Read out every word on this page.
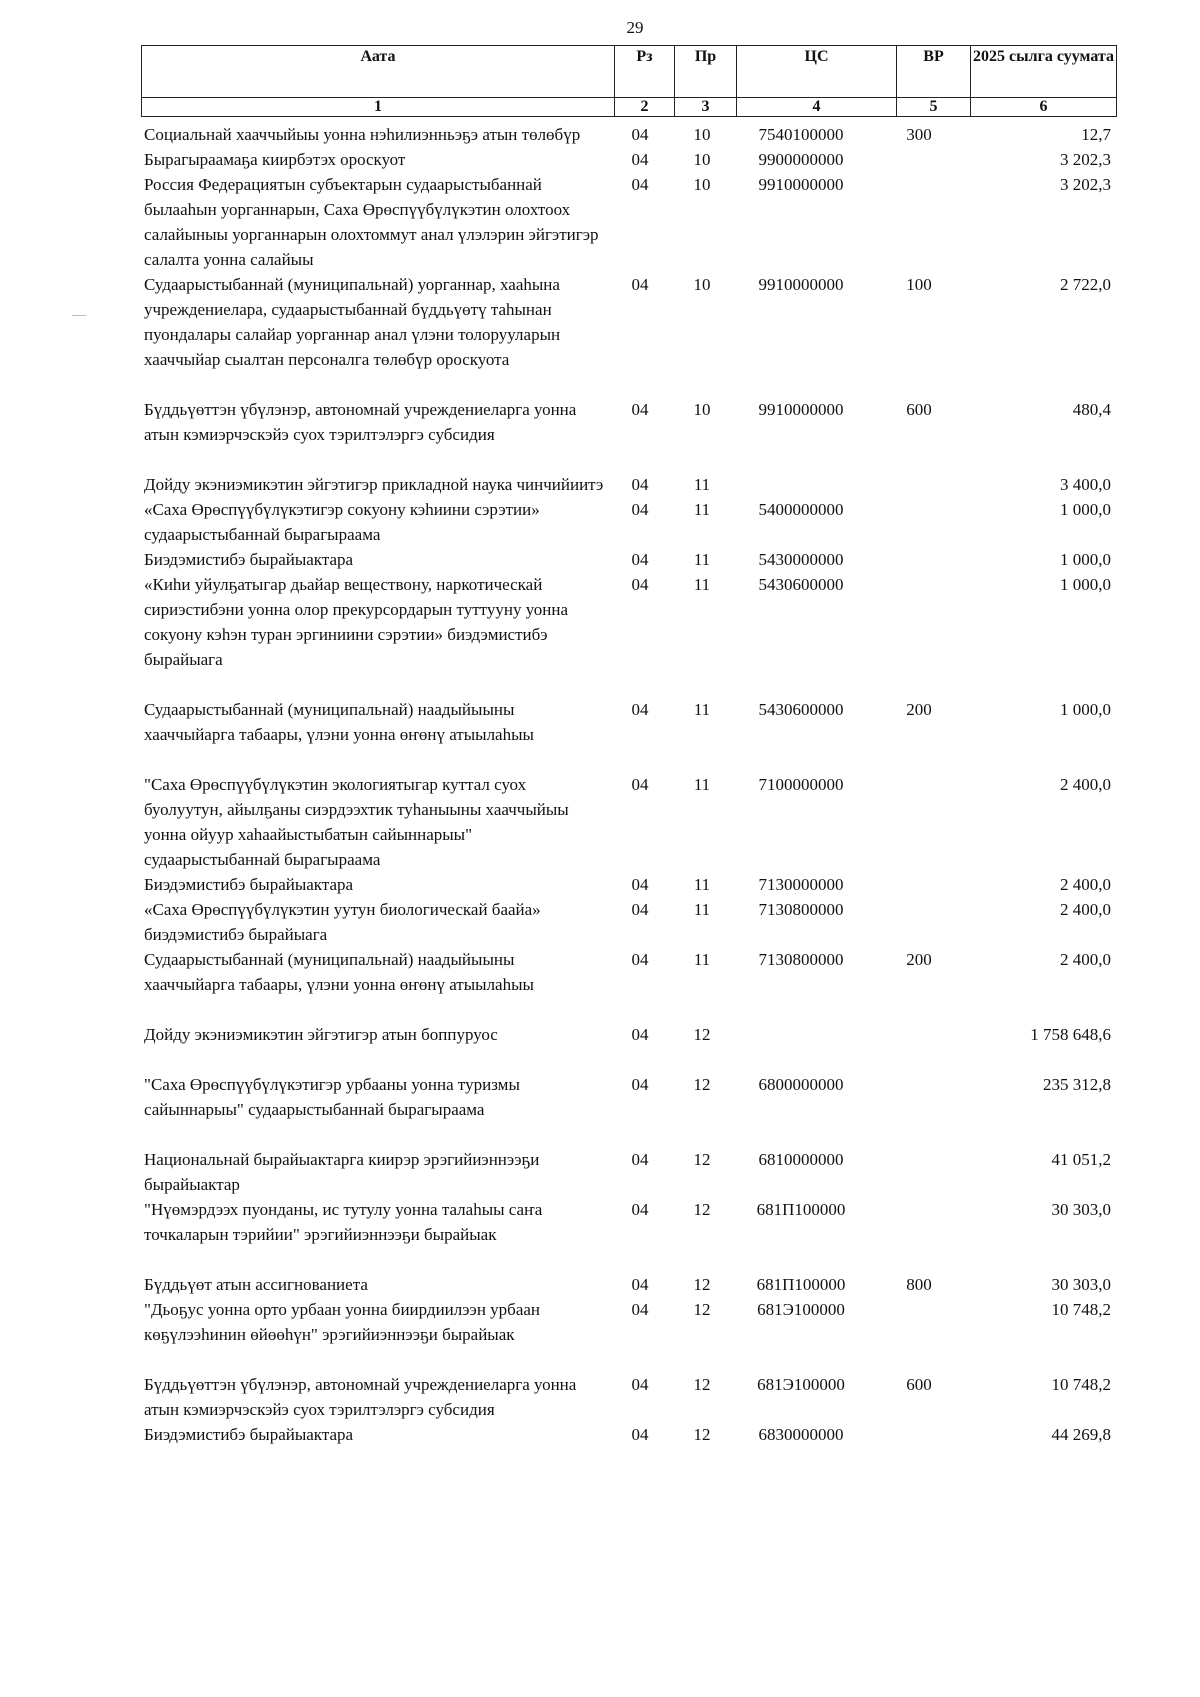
29
Аата	Рз	Пр	ЦС	ВР	2025 сылга суумата
1	2	3	4	5	6
Социальнай хааччыйыы уонна нэhилиэнньэҕэ атын төлөбүр	04	10	7540100000	300	12,7
Бырагыраамаҕа киирбэтэх ороскуот	04	10	9900000000		3 202,3
Россия Федерациятын субъектарын судаарыстыбаннай былааһын уорганнарын, Саха Өрөспүүбүлүкэтин олохтоох салайыныы уорганнарын олохтоммут анал үлэлэрин эйгэтигэр салалта уонна салайыы	04	10	9910000000		3 202,3
Судаарыстыбаннай (муниципальнай) уорганнар, хааһына учреждениелара, судаарыстыбаннай бүддьүөтү таһынан пуондалары салайар уорганнар анал үлэни толорууларын хааччыйар сыалтан персоналга төлөбүр ороскуота	04	10	9910000000	100	2 722,0
Бүддьүөттэн үбүлэнэр, автономнай учреждениеларга уонна атын кэмиэрчэскэйэ суох тэрилтэлэргэ субсидия	04	10	9910000000	600	480,4
Дойду экэниэмикэтин эйгэтигэр прикладной наука чинчийиитэ	04	11			3 400,0
«Саха Өрөспүүбүлүкэтигэр сокуону кэһиини сэрэтии» судаарыстыбаннай бырагыраама	04	11	5400000000		1 000,0
Биэдэмистибэ бырайыактара	04	11	5430000000		1 000,0
«Киһи уйулҕатыгар дьайар веществону, наркотическай сириэстибэни уонна олор прекурсордарын туттууну уонна сокуону кэһэн туран эргиниини сэрэтии» биэдэмистибэ бырайыага	04	11	5430600000		1 000,0
Судаарыстыбаннай (муниципальнай) наадыйыыны хааччыйарга табаары, үлэни уонна өҥөнү атыылаһыы	04	11	5430600000	200	1 000,0
"Саха Өрөспүүбүлүкэтин экологиятыгар куттал суох буолуутун, айылҕаны сиэрдээхтик туһаныыны хааччыйыы уонна ойуур хаһаайыстыбатын сайыннарыы" судаарыстыбаннай бырагыраама	04	11	7100000000		2 400,0
Биэдэмистибэ бырайыактара	04	11	7130000000		2 400,0
«Саха Өрөспүүбүлүкэтин уутун биологическай баайа» биэдэмистибэ бырайыага	04	11	7130800000		2 400,0
Судаарыстыбаннай (муниципальнай) наадыйыыны хааччыйарга табаары, үлэни уонна өҥөнү атыылаһыы	04	11	7130800000	200	2 400,0
Дойду экэниэмикэтин эйгэтигэр атын боппуруос	04	12			1 758 648,6
"Саха Өрөспүүбүлүкэтигэр урбааны уонна туризмы сайыннарыы" судаарыстыбаннай бырагыраама	04	12	6800000000		235 312,8
Национальнай бырайыактарга киирэр эрэгийиэннээҕи бырайыактар	04	12	6810000000		41 051,2
"Нүөмэрдээх пуонданы, ис тутулу уонна талаһыы саҥа точкаларын тэрийии" эрэгийиэннээҕи бырайыак	04	12	681П100000		30 303,0
Бүддьүөт атын ассигнованиета	04	12	681П100000	800	30 303,0
"Дьоҕус уонна орто урбаан уонна биирдиилээн урбаан көҕүлээһинин өйөөһүн" эрэгийиэннээҕи бырайыак	04	12	681Э100000		10 748,2
Бүддьүөттэн үбүлэнэр, автономнай учреждениеларга уонна атын кэмиэрчэскэйэ суох тэрилтэлэргэ субсидия	04	12	681Э100000	600	10 748,2
Биэдэмистибэ бырайыактара	04	12	6830000000		44 269,8
